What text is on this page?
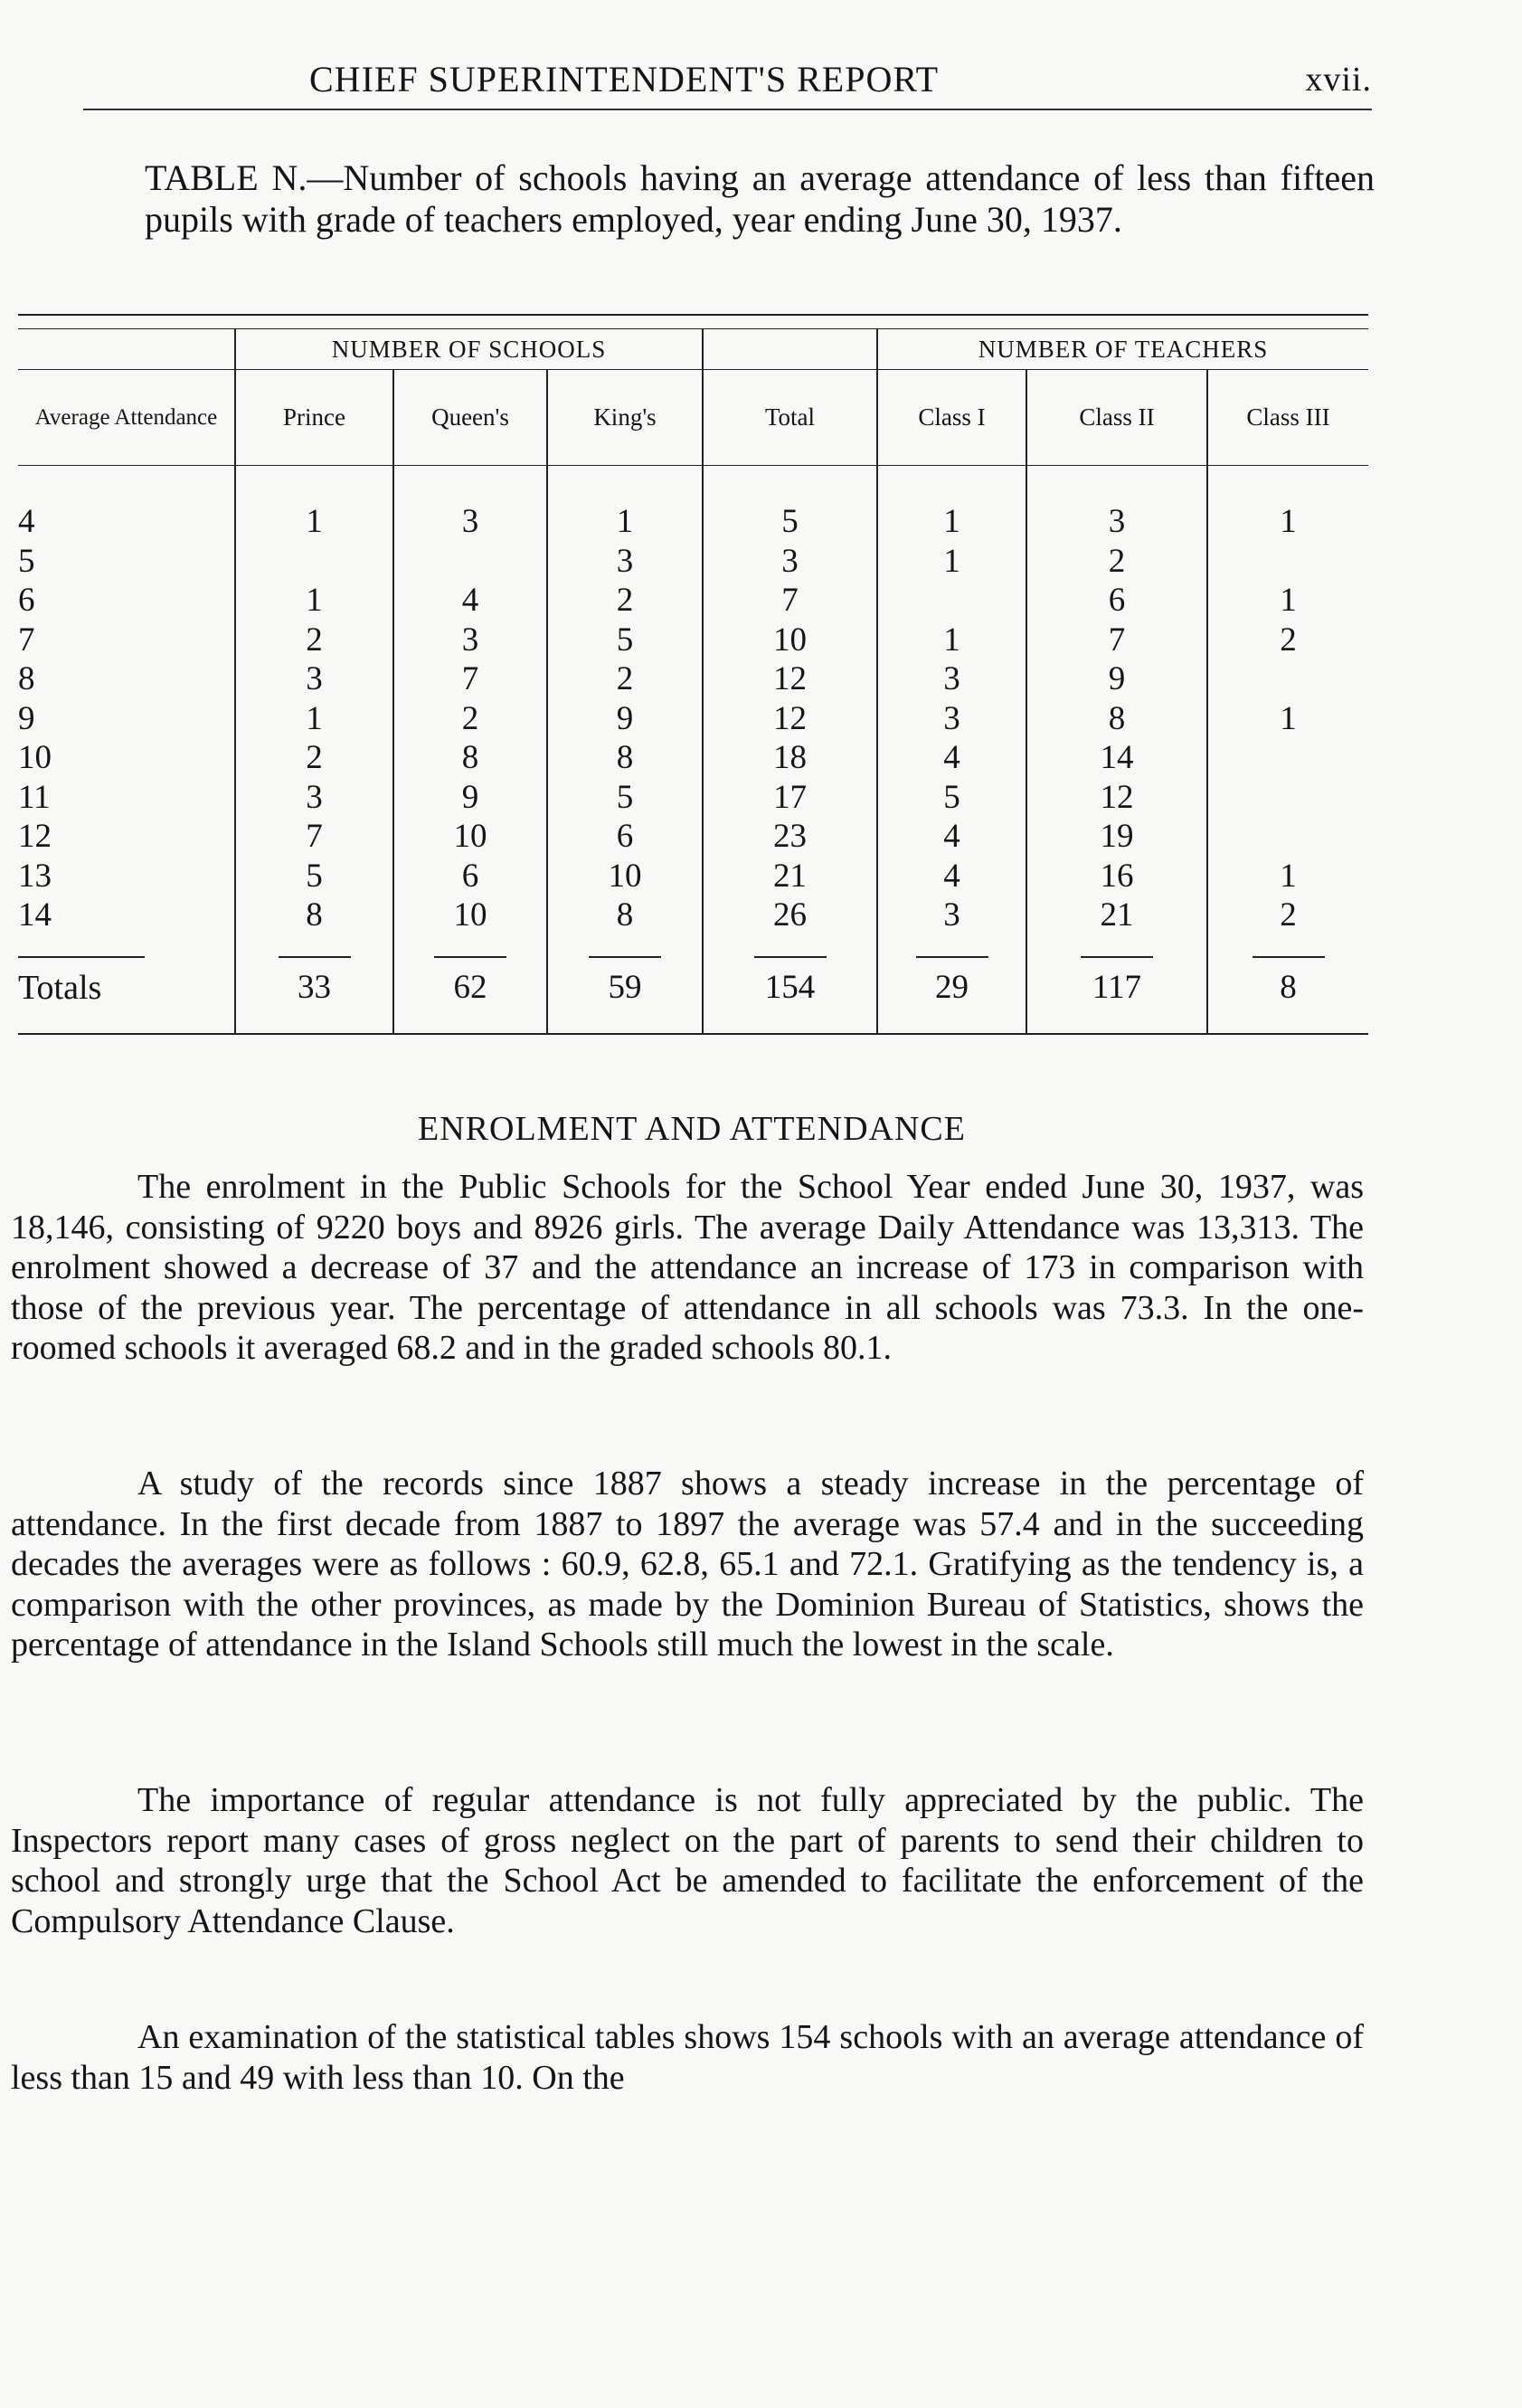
CHIEF SUPERINTENDENT'S REPORT	xvii.
TABLE N.—Number of schools having an average attendance of less than fifteen pupils with grade of teachers employed, year ending June 30, 1937.

	NUMBER OF SCHOOLS				NUMBER OF TEACHERS		
Average Attendance	Prince	Queen's	King's	Total	Class I	Class II	Class III

4	1	3	1	5	1	3	1
5			3	3	1	2	
6	1	4	2	7		6	1
7	2	3	5	10	1	7	2
8	3	7	2	12	3	9	
9	1	2	9	12	3	8	1
10	2	8	8	18	4	14	
11	3	9	5	17	5	12	
12	7	10	6	23	4	19	
13	5	6	10	21	4	16	1
14	8	10	8	26	3	21	2

Totals	33	62	59	154	29	117	8

ENROLMENT AND ATTENDANCE

The enrolment in the Public Schools for the School Year ended June 30, 1937, was 18,146, consisting of 9220 boys and 8926 girls. The average Daily Attendance was 13,313. The enrolment showed a decrease of 37 and the attendance an increase of 173 in comparison with those of the previous year. The percentage of attendance in all schools was 73.3. In the one-roomed schools it averaged 68.2 and in the graded schools 80.1.

A study of the records since 1887 shows a steady increase in the percentage of attendance. In the first decade from 1887 to 1897 the average was 57.4 and in the succeeding decades the averages were as follows : 60.9, 62.8, 65.1 and 72.1. Gratifying as the tendency is, a comparison with the other provinces, as made by the Dominion Bureau of Statistics, shows the percentage of attendance in the Island Schools still much the lowest in the scale.

The importance of regular attendance is not fully appreciated by the public. The Inspectors report many cases of gross neglect on the part of parents to send their children to school and strongly urge that the School Act be amended to facilitate the enforcement of the Compulsory Attendance Clause.

An examination of the statistical tables shows 154 schools with an average attendance of less than 15 and 49 with less than 10. On the
